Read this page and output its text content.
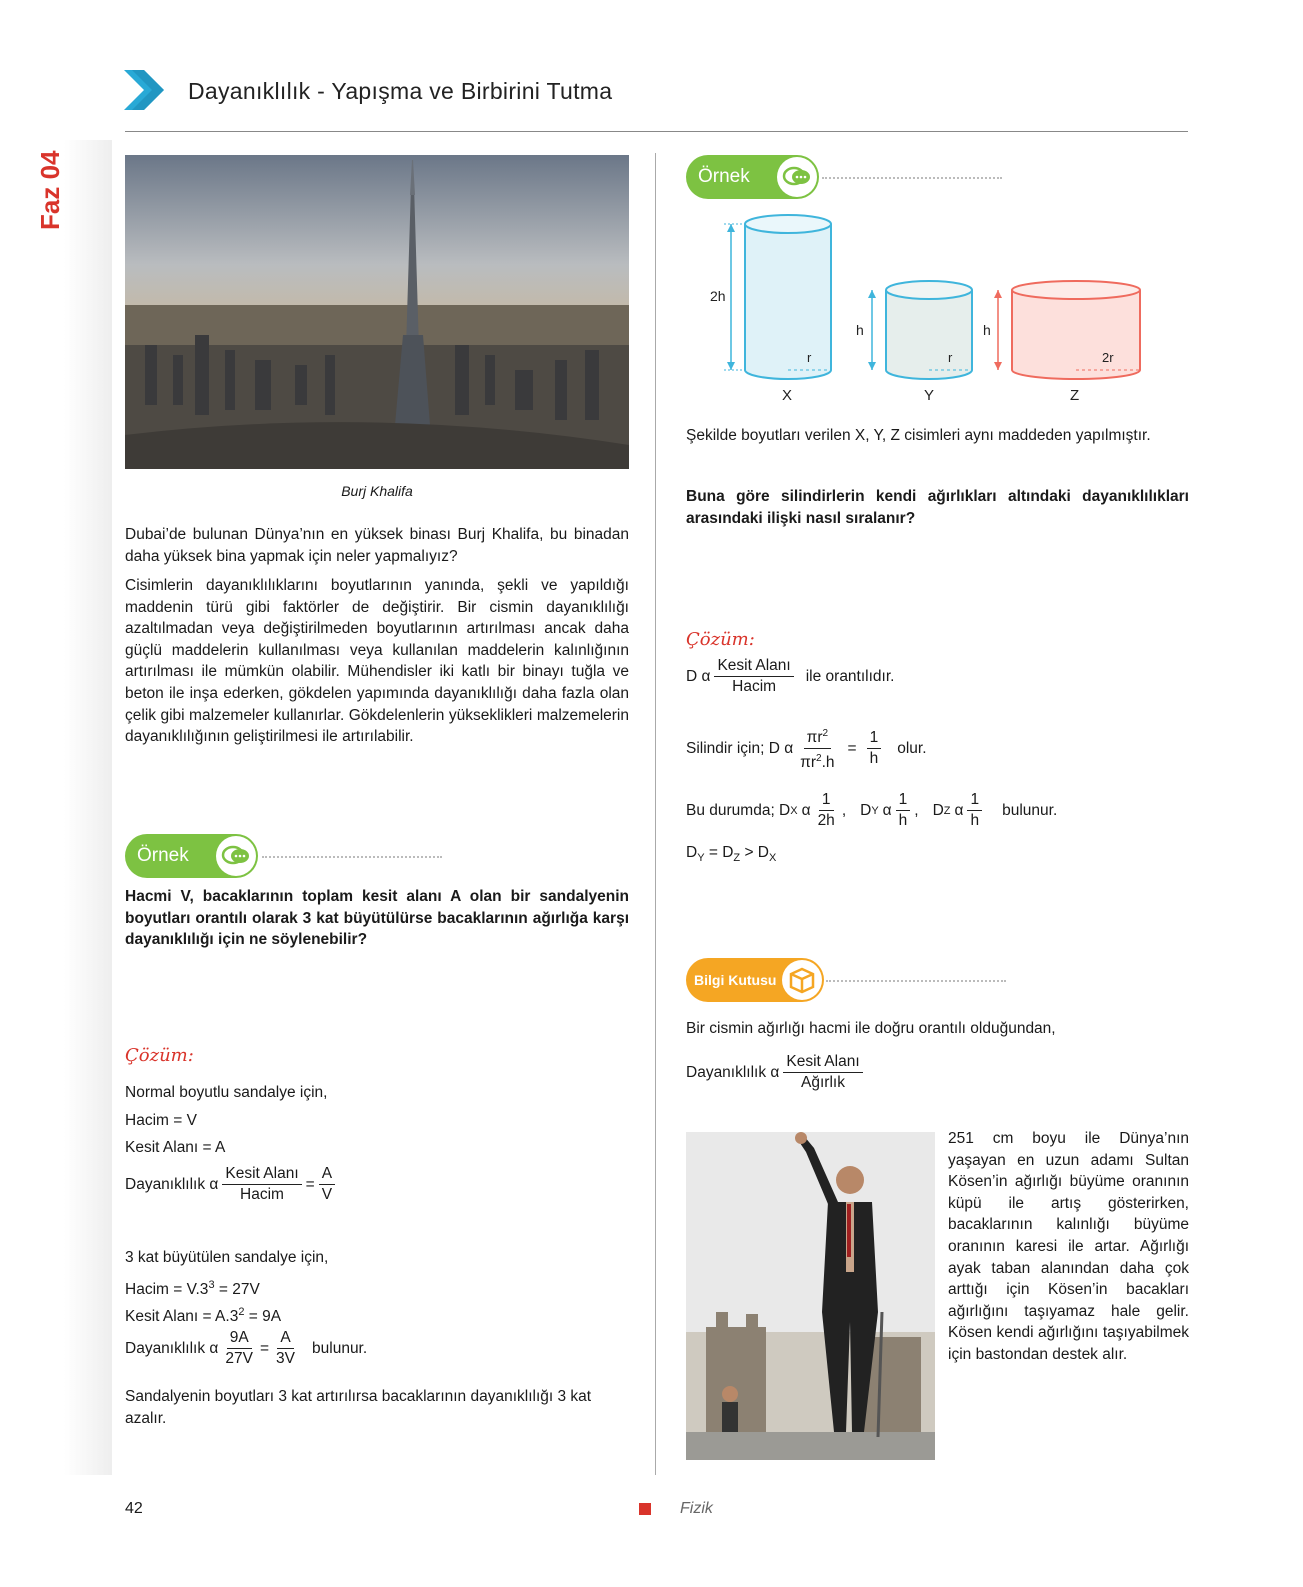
Dayanıklılık - Yapışma ve Birbirini Tutma
Faz 04
Burj Khalifa
Dubai’de bulunan Dünya’nın en yüksek binası Burj Khalifa, bu binadan daha yüksek bina yapmak için neler yapmalıyız?
Cisimlerin dayanıklılıklarını boyutlarının yanında, şekli ve yapıldığı maddenin türü gibi faktörler de değiştirir. Bir cismin dayanıklılığı azaltılmadan veya değiştirilmeden boyutlarının artırılması ancak daha güçlü maddelerin kullanılması veya kullanılan maddelerin kalınlığının artırılması ile mümkün olabilir. Mühendisler iki katlı bir binayı tuğla ve beton ile inşa ederken, gökdelen yapımında dayanıklılığı daha fazla olan çelik gibi malzemeler kullanırlar. Gökdelenlerin yükseklikleri malzemelerin dayanıklılığının geliştirilmesi ile artırılabilir.
Örnek
Hacmi V, bacaklarının toplam kesit alanı A olan bir sandalyenin boyutları orantılı olarak 3 kat büyütülürse bacaklarının ağırlığa karşı dayanıklılığı için ne söylenebilir?
Çözüm:
Normal boyutlu sandalye için,
Hacim = V
Kesit Alanı = A
Dayanıklılık α $\frac{\text{Kesit Alanı}}{\text{Hacim}} = \frac{A}{V}$
3 kat büyütülen sandalye için,
Hacim = $V.3^3 = 27V$
Kesit Alanı = $A.3^2 = 9A$
Dayanıklılık α $\frac{9A}{27V} = \frac{A}{3V}$ bulunur.
Sandalyenin boyutları 3 kat artırılırsa bacaklarının dayanıklılığı 3 kat azalır.
Örnek
2h
r
X
h
r
Y
h
2r
Z
Şekilde boyutları verilen X, Y, Z cisimleri aynı maddeden yapılmıştır.
Buna göre silindirlerin kendi ağırlıkları altındaki dayanıklılıkları arasındaki ilişki nasıl sıralanır?
Çözüm:
D α $\frac{\text{Kesit Alanı}}{\text{Hacim}}$ ile orantılıdır.
Silindir için; D α $\frac{\pi r^2}{\pi r^2.h} = \frac{1}{h}$ olur.
Bu durumda; D X α $\frac{1}{2h}$ , D Y α $\frac{1}{h}$ , D Z α $\frac{1}{h}$ bulunur.
$D_Y = D_Z > D_X$
Bilgi Kutusu
Bir cismin ağırlığı hacmi ile doğru orantılı olduğundan,
Dayanıklılık α $\frac{\text{Kesit Alanı}}{\text{Ağırlık}}$
251 cm boyu ile Dünya’nın yaşayan en uzun adamı Sultan Kösen’in ağırlığı büyüme oranının küpü ile artış gösterirken, bacaklarının kalınlığı büyüme oranının karesi ile artar. Ağırlığı ayak taban alanından daha çok arttığı için Kösen’in bacakları ağırlığını taşıyamaz hale gelir. Kösen kendi ağırlığını taşıyabilmek için bastondan destek alır.
42	Fizik
